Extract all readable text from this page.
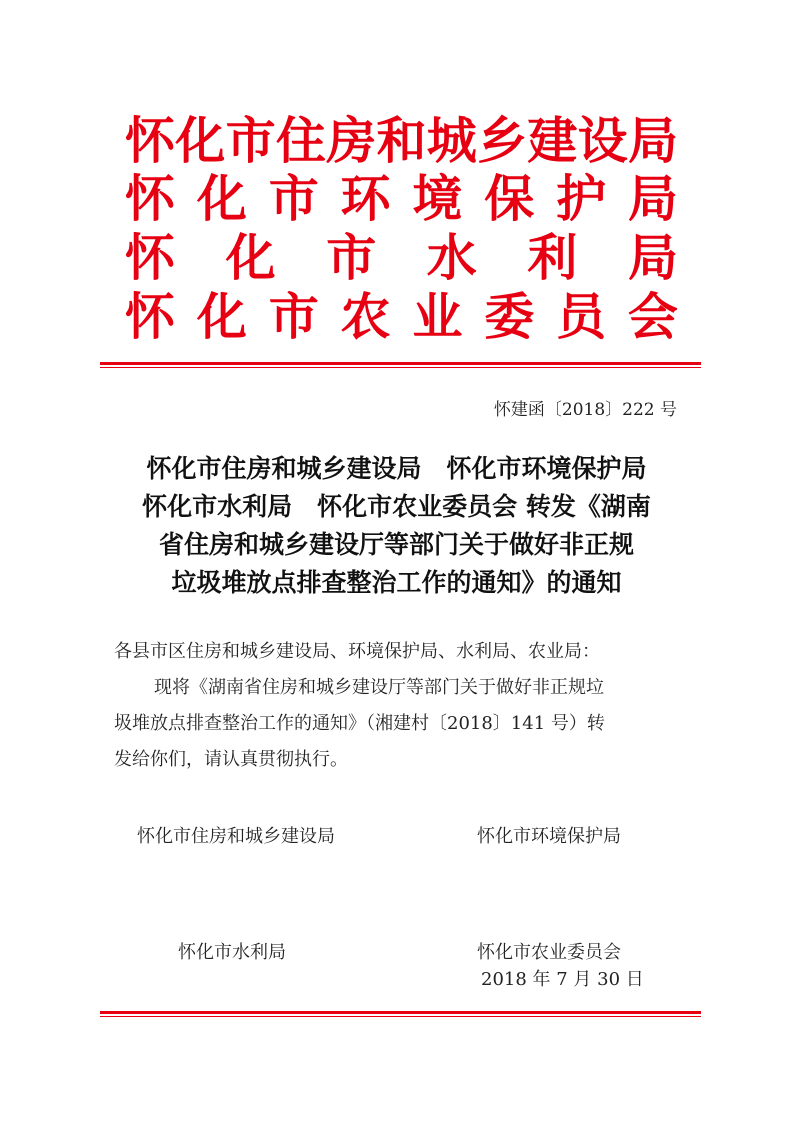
怀 化 市 住 房 和 城 乡 建 设 局
怀 化 市 环 境 保 护 局
怀 化 市 水 利 局
怀 化 市 农 业 委 员 会
怀建函〔2018〕222 号
怀化市住房和城乡建设局　怀化市环境保护局
怀化市水利局　怀化市农业委员会 转发《湖南
省住房和城乡建设厅等部门关于做好非正规
垃圾堆放点排查整治工作的通知》的通知
各县市区住房和城乡建设局、环境保护局、水利局、农业局：
现将《湖南省住房和城乡建设厅等部门关于做好非正规垃
圾堆放点排查整治工作的通知》（湘建村〔2018〕141 号）转
发给你们，请认真贯彻执行。
怀化市住房和城乡建设局	怀化市环境保护局
怀化市水利局	怀化市农业委员会
2018 年 7 月 30 日
